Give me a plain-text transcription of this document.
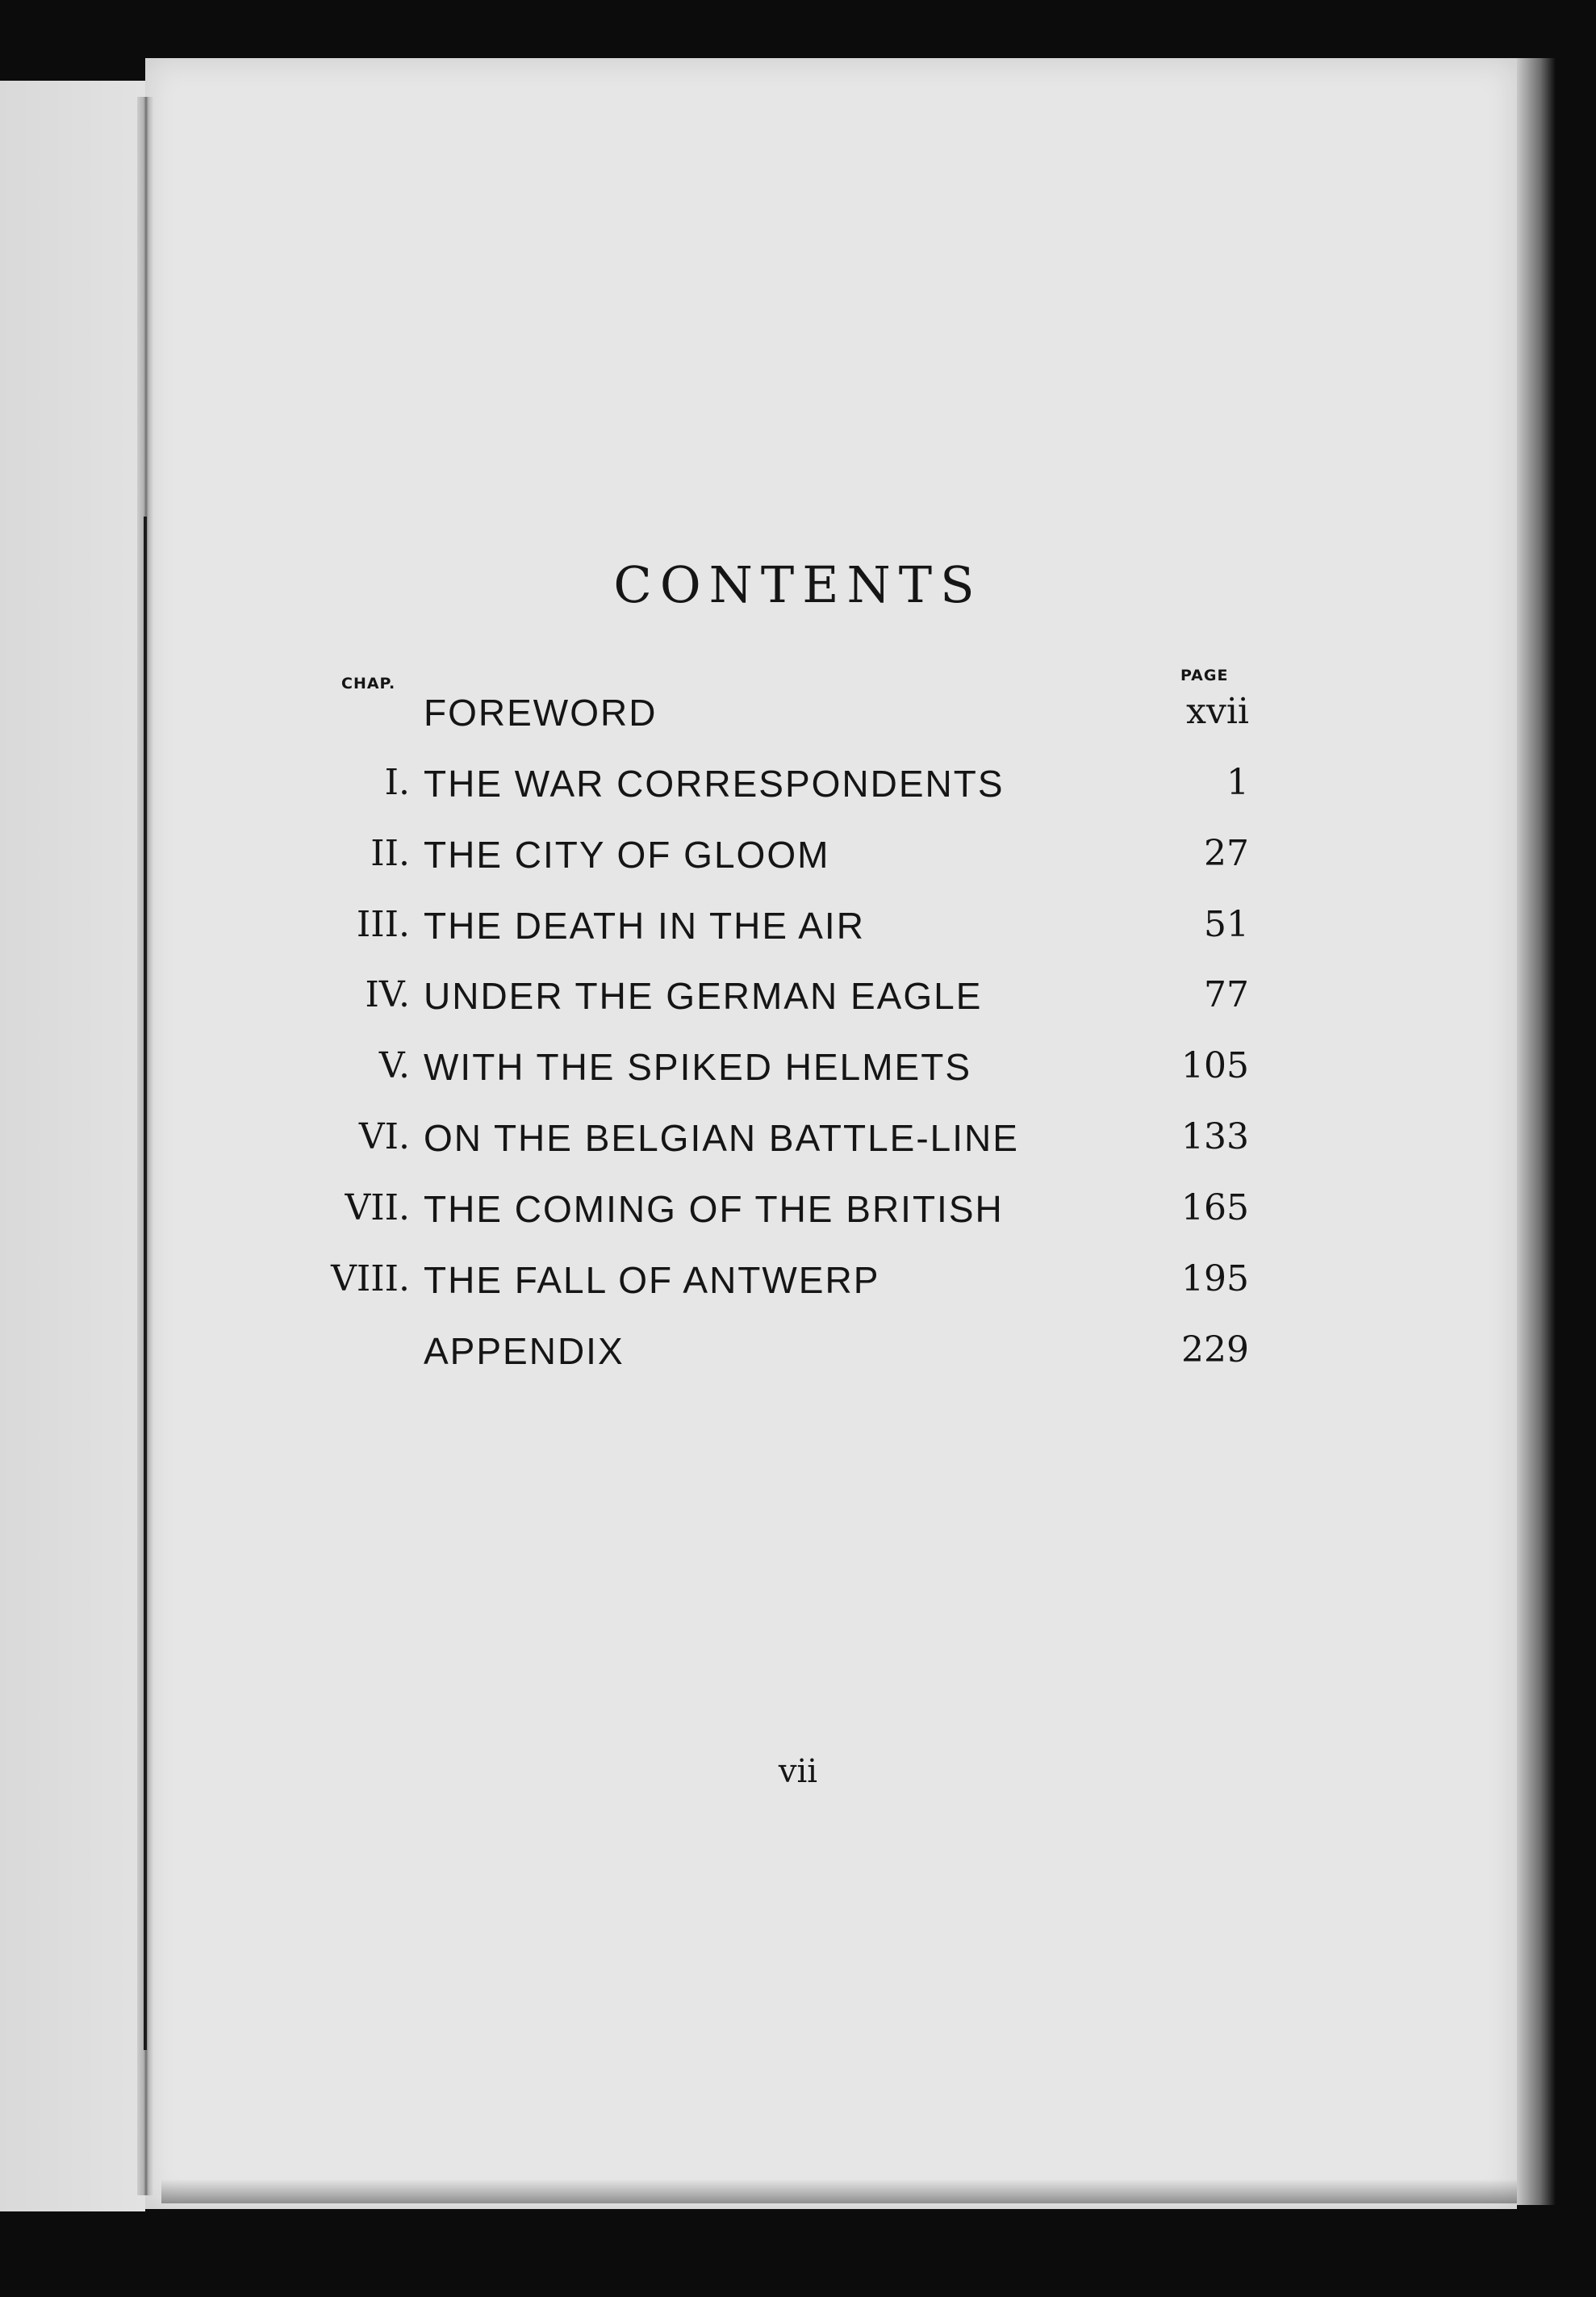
CONTENTS
CHAP.	PAGE
FOREWORD	xvii
I. THE WAR CORRESPONDENTS	1
II. THE CITY OF GLOOM	27
III. THE DEATH IN THE AIR	51
IV. UNDER THE GERMAN EAGLE	77
V. WITH THE SPIKED HELMETS	105
VI. ON THE BELGIAN BATTLE-LINE	133
VII. THE COMING OF THE BRITISH	165
VIII. THE FALL OF ANTWERP	195
APPENDIX	229
vii
